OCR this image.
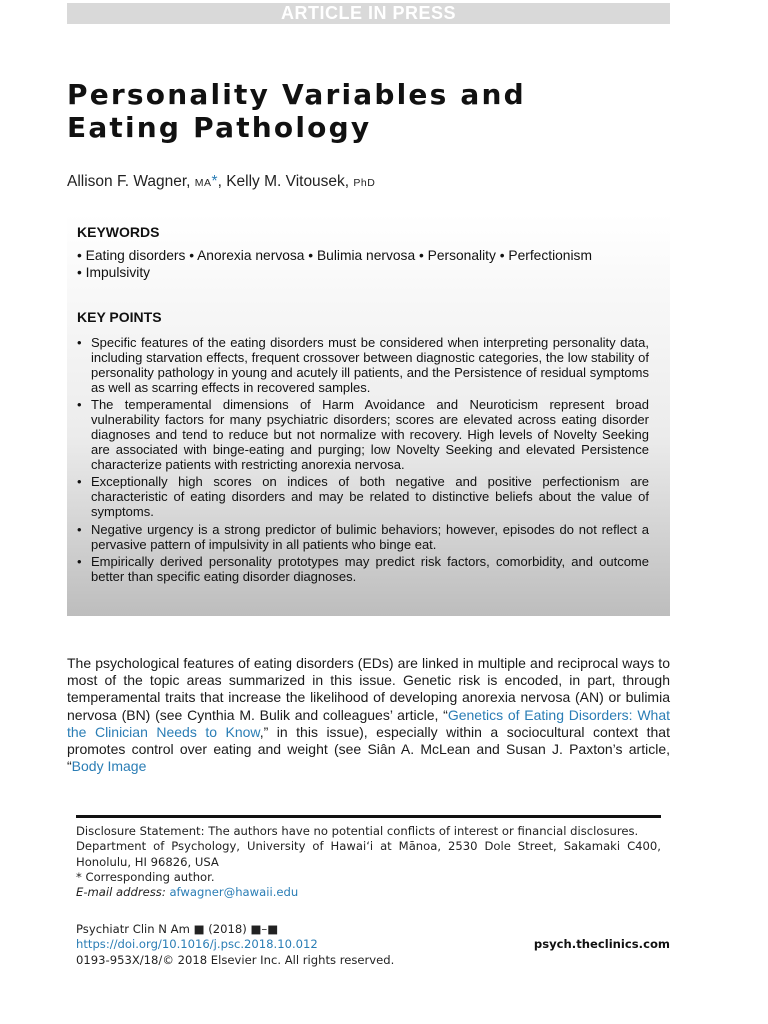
ARTICLE IN PRESS
Personality Variables and
Eating Pathology
Allison F. Wagner, MA*, Kelly M. Vitousek, PhD
KEYWORDS
• Eating disorders • Anorexia nervosa • Bulimia nervosa • Personality • Perfectionism
• Impulsivity
KEY POINTS
• Specific features of the eating disorders must be considered when interpreting personality data, including starvation effects, frequent crossover between diagnostic categories, the low stability of personality pathology in young and acutely ill patients, and the Persistence of residual symptoms as well as scarring effects in recovered samples.
• The temperamental dimensions of Harm Avoidance and Neuroticism represent broad vulnerability factors for many psychiatric disorders; scores are elevated across eating disorder diagnoses and tend to reduce but not normalize with recovery. High levels of Novelty Seeking are associated with binge-eating and purging; low Novelty Seeking and elevated Persistence characterize patients with restricting anorexia nervosa.
• Exceptionally high scores on indices of both negative and positive perfectionism are characteristic of eating disorders and may be related to distinctive beliefs about the value of symptoms.
• Negative urgency is a strong predictor of bulimic behaviors; however, episodes do not reflect a pervasive pattern of impulsivity in all patients who binge eat.
• Empirically derived personality prototypes may predict risk factors, comorbidity, and outcome better than specific eating disorder diagnoses.

The psychological features of eating disorders (EDs) are linked in multiple and reciprocal ways to most of the topic areas summarized in this issue. Genetic risk is encoded, in part, through temperamental traits that increase the likelihood of developing anorexia nervosa (AN) or bulimia nervosa (BN) (see Cynthia M. Bulik and colleagues’ article, “Genetics of Eating Disorders: What the Clinician Needs to Know,” in this issue), especially within a sociocultural context that promotes control over eating and weight (see Siân A. McLean and Susan J. Paxton’s article, “Body Image

Disclosure Statement: The authors have no potential conflicts of interest or financial disclosures.

Department of Psychology, University of Hawai‘i at Mānoa, 2530 Dole Street, Sakamaki C400, Honolulu, HI 96826, USA

* Corresponding author.

E-mail address: afwagner@hawaii.edu

Psychiatr Clin N Am ■ (2018) ■–■

https://doi.org/10.1016/j.psc.2018.10.012

0193-953X/18/© 2018 Elsevier Inc. All rights reserved.

psych.theclinics.com
